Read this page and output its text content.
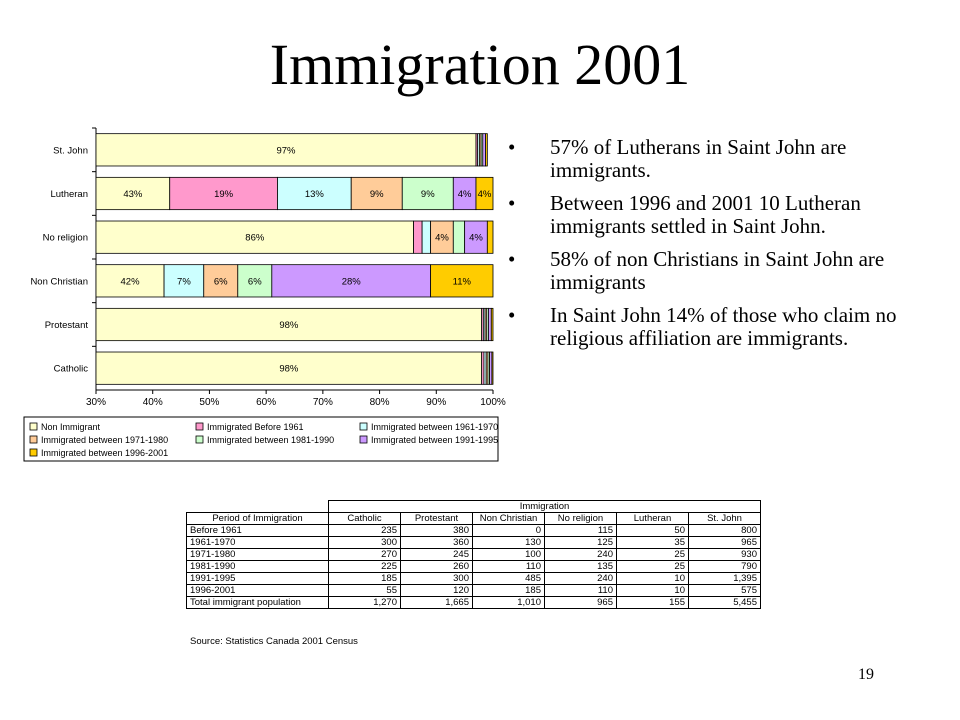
Immigration 2001
30%	40%	50%	60%	70%	80%	90%	100%
St. John	97%
Lutheran	43%	19%	13%	9%	9% 4% 4%
No religion	86%	4% 4%
Non Christian	42%	7% 6% 6%	28%	11%
Protestant	98%
Catholic	98%
Non Immigrant	Immigrated Before 1961	Immigrated between 1961-1970
Immigrated between 1971-1980	Immigrated between 1981-1990	Immigrated between 1991-1995
Immigrated between 1996-2001
• 57% of Lutherans in Saint John are immigrants.
• Between 1996 and 2001 10 Lutheran immigrants settled in Saint John.
• 58% of non Christians in Saint John are immigrants
• In Saint John 14% of those who claim no religious affiliation are immigrants.
	Immigration					
Period of Immigration	Catholic	Protestant	Non Christian	No religion	Lutheran	St. John
Before 1961	235	380	0	115	50	800
1961-1970	300	360	130	125	35	965
1971-1980	270	245	100	240	25	930
1981-1990	225	260	110	135	25	790
1991-1995	185	300	485	240	10	1,395
1996-2001	55	120	185	110	10	575
Total immigrant population	1,270	1,665	1,010	965	155	5,455
Source: Statistics Canada 2001 Census
19
